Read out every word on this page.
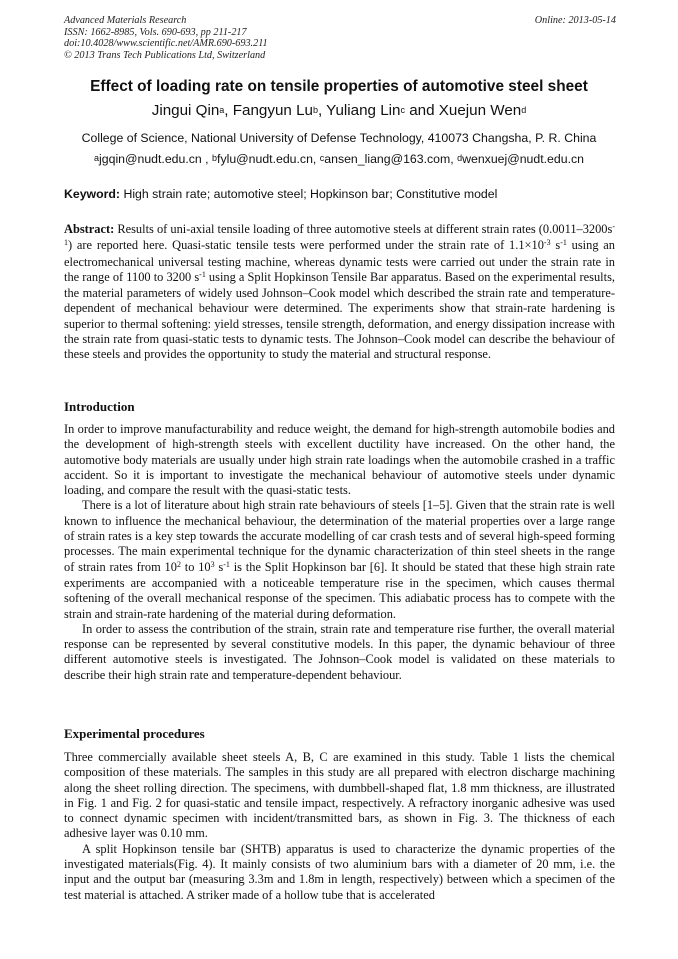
Advanced Materials Research
ISSN: 1662-8985, Vols. 690-693, pp 211-217
doi:10.4028/www.scientific.net/AMR.690-693.211
© 2013 Trans Tech Publications Ltd, Switzerland
Online: 2013-05-14
Effect of loading rate on tensile properties of automotive steel sheet
Jingui Qin$^a$, Fangyun Lu$^b$, Yuliang Lin$^c$ and Xuejun Wen$^d$
College of Science, National University of Defense Technology, 410073 Changsha, P. R. China
$^a$jgqin@nudt.edu.cn , $^b$fylu@nudt.edu.cn, $^c$ansen_liang@163.com, $^d$wenxuej@nudt.edu.cn
Keyword: High strain rate; automotive steel; Hopkinson bar; Constitutive model

Abstract: Results of uni-axial tensile loading of three automotive steels at different strain rates $(0.0011-3200s^{-1})$ are reported here. Quasi-static tensile tests were performed under the strain rate of $1.1\times 10^{-3}$ $s^{-1}$ using an electromechanical universal testing machine, whereas dynamic tests were carried out under the strain rate in the range of 1100 to 3200 $s^{-1}$ using a Split Hopkinson Tensile Bar apparatus. Based on the experimental results, the material parameters of widely used Johnson–Cook model which described the strain rate and temperature-dependent of mechanical behaviour were determined. The experiments show that strain-rate hardening is superior to thermal softening: yield stresses, tensile strength, deformation, and energy dissipation increase with the strain rate from quasi-static tests to dynamic tests. The Johnson–Cook model can describe the behaviour of these steels and provides the opportunity to study the material and structural response.

Introduction

In order to improve manufacturability and reduce weight, the demand for high-strength automobile bodies and the development of high-strength steels with excellent ductility have increased. On the other hand, the automotive body materials are usually under high strain rate loadings when the automobile crashed in a traffic accident. So it is important to investigate the mechanical behaviour of automotive steels under dynamic loading, and compare the result with the quasi-static tests.

There is a lot of literature about high strain rate behaviours of steels [1–5]. Given that the strain rate is well known to influence the mechanical behaviour, the determination of the material properties over a large range of strain rates is a key step towards the accurate modelling of car crash tests and of several high-speed forming processes. The main experimental technique for the dynamic characterization of thin steel sheets in the range of strain rates from $10^2$ to $10^3$ $s^{-1}$ is the Split Hopkinson bar [6]. It should be stated that these high strain rate experiments are accompanied with a noticeable temperature rise in the specimen, which causes thermal softening of the overall mechanical response of the specimen. This adiabatic process has to compete with the strain and strain-rate hardening of the material during deformation.

In order to assess the contribution of the strain, strain rate and temperature rise further, the overall material response can be represented by several constitutive models. In this paper, the dynamic behaviour of three different automotive steels is investigated. The Johnson–Cook model is validated on these materials to describe their high strain rate and temperature-dependent behaviour.

Experimental procedures

Three commercially available sheet steels A, B, C are examined in this study. Table 1 lists the chemical composition of these materials. The samples in this study are all prepared with electron discharge machining along the sheet rolling direction. The specimens, with dumbbell-shaped flat, 1.8 mm thickness, are illustrated in Fig. 1 and Fig. 2 for quasi-static and tensile impact, respectively. A refractory inorganic adhesive was used to connect dynamic specimen with incident/transmitted bars, as shown in Fig. 3. The thickness of each adhesive layer was 0.10 mm.

A split Hopkinson tensile bar (SHTB) apparatus is used to characterize the dynamic properties of the investigated materials(Fig. 4). It mainly consists of two aluminium bars with a diameter of 20 mm, i.e. the input and the output bar (measuring 3.3m and 1.8m in length, respectively) between which a specimen of the test material is attached. A striker made of a hollow tube that is accelerated
